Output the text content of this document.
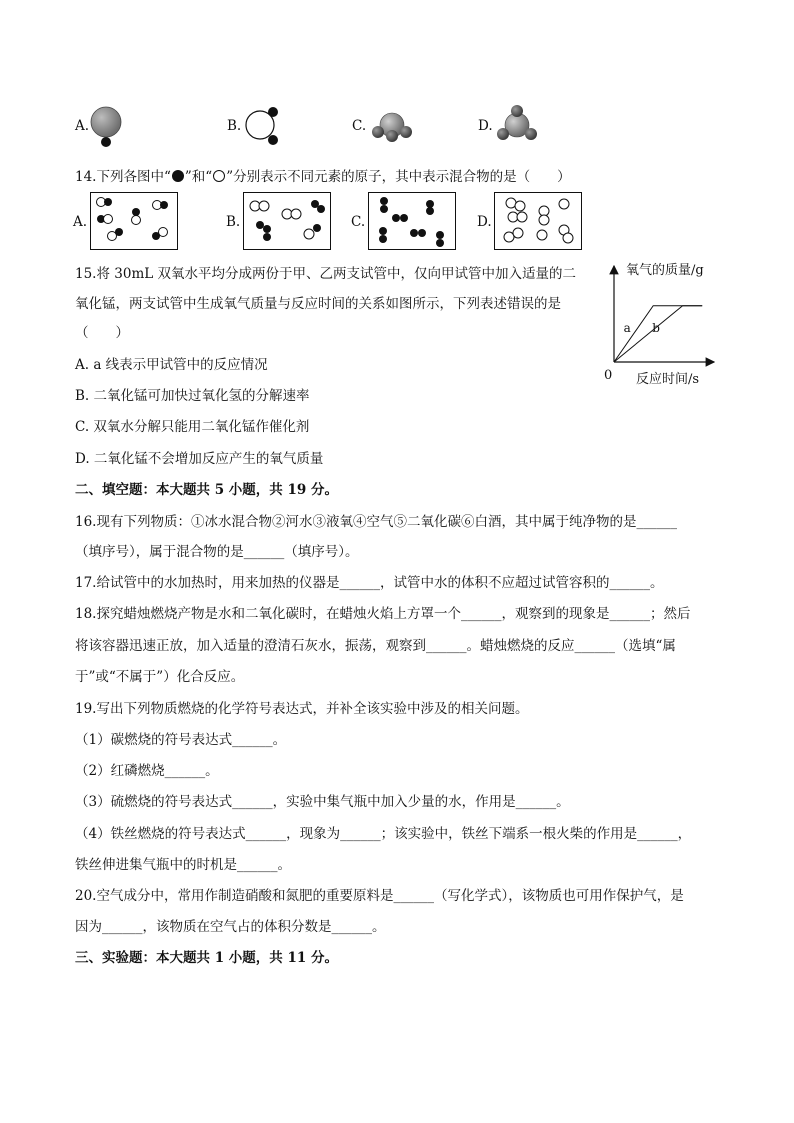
A.	B.	C.	D.
14.下列各图中“ ”和“ ”分别表示不同元素的原子，其中表示混合物的是（　　）
A.	B.	C.	D.
15.将 30mL 双氧水平均分成两份于甲、乙两支试管中，仅向甲试管中加入适量的二
氧化锰，两支试管中生成氧气质量与反应时间的关系如图所示，下列表述错误的是
（　　）
A. a 线表示甲试管中的反应情况
B. 二氧化锰可加快过氧化氢的分解速率
C. 双氧水分解只能用二氧化锰作催化剂
D. 二氧化锰不会增加反应产生的氧气质量
氧气的质量/g
反应时间/s
0
a b
二、填空题：本大题共 5 小题，共 19 分。
16.现有下列物质：①冰水混合物②河水③液氧④空气⑤二氧化碳⑥白酒，其中属于纯净物的是______
（填序号），属于混合物的是______（填序号）。
17.给试管中的水加热时，用来加热的仪器是______，试管中水的体积不应超过试管容积的______。
18.探究蜡烛燃烧产物是水和二氧化碳时，在蜡烛火焰上方罩一个______，观察到的现象是______；然后
将该容器迅速正放，加入适量的澄清石灰水，振荡，观察到______。蜡烛燃烧的反应______（选填“属
于”或“不属于”）化合反应。
19.写出下列物质燃烧的化学符号表达式，并补全该实验中涉及的相关问题。
（1）碳燃烧的符号表达式______。
（2）红磷燃烧______。
（3）硫燃烧的符号表达式______，实验中集气瓶中加入少量的水，作用是______。
（4）铁丝燃烧的符号表达式______，现象为______；该实验中，铁丝下端系一根火柴的作用是______，
铁丝伸进集气瓶中的时机是______。
20.空气成分中，常用作制造硝酸和氮肥的重要原料是______（写化学式），该物质也可用作保护气，是
因为______，该物质在空气占的体积分数是______。
三、实验题：本大题共 1 小题，共 11 分。
